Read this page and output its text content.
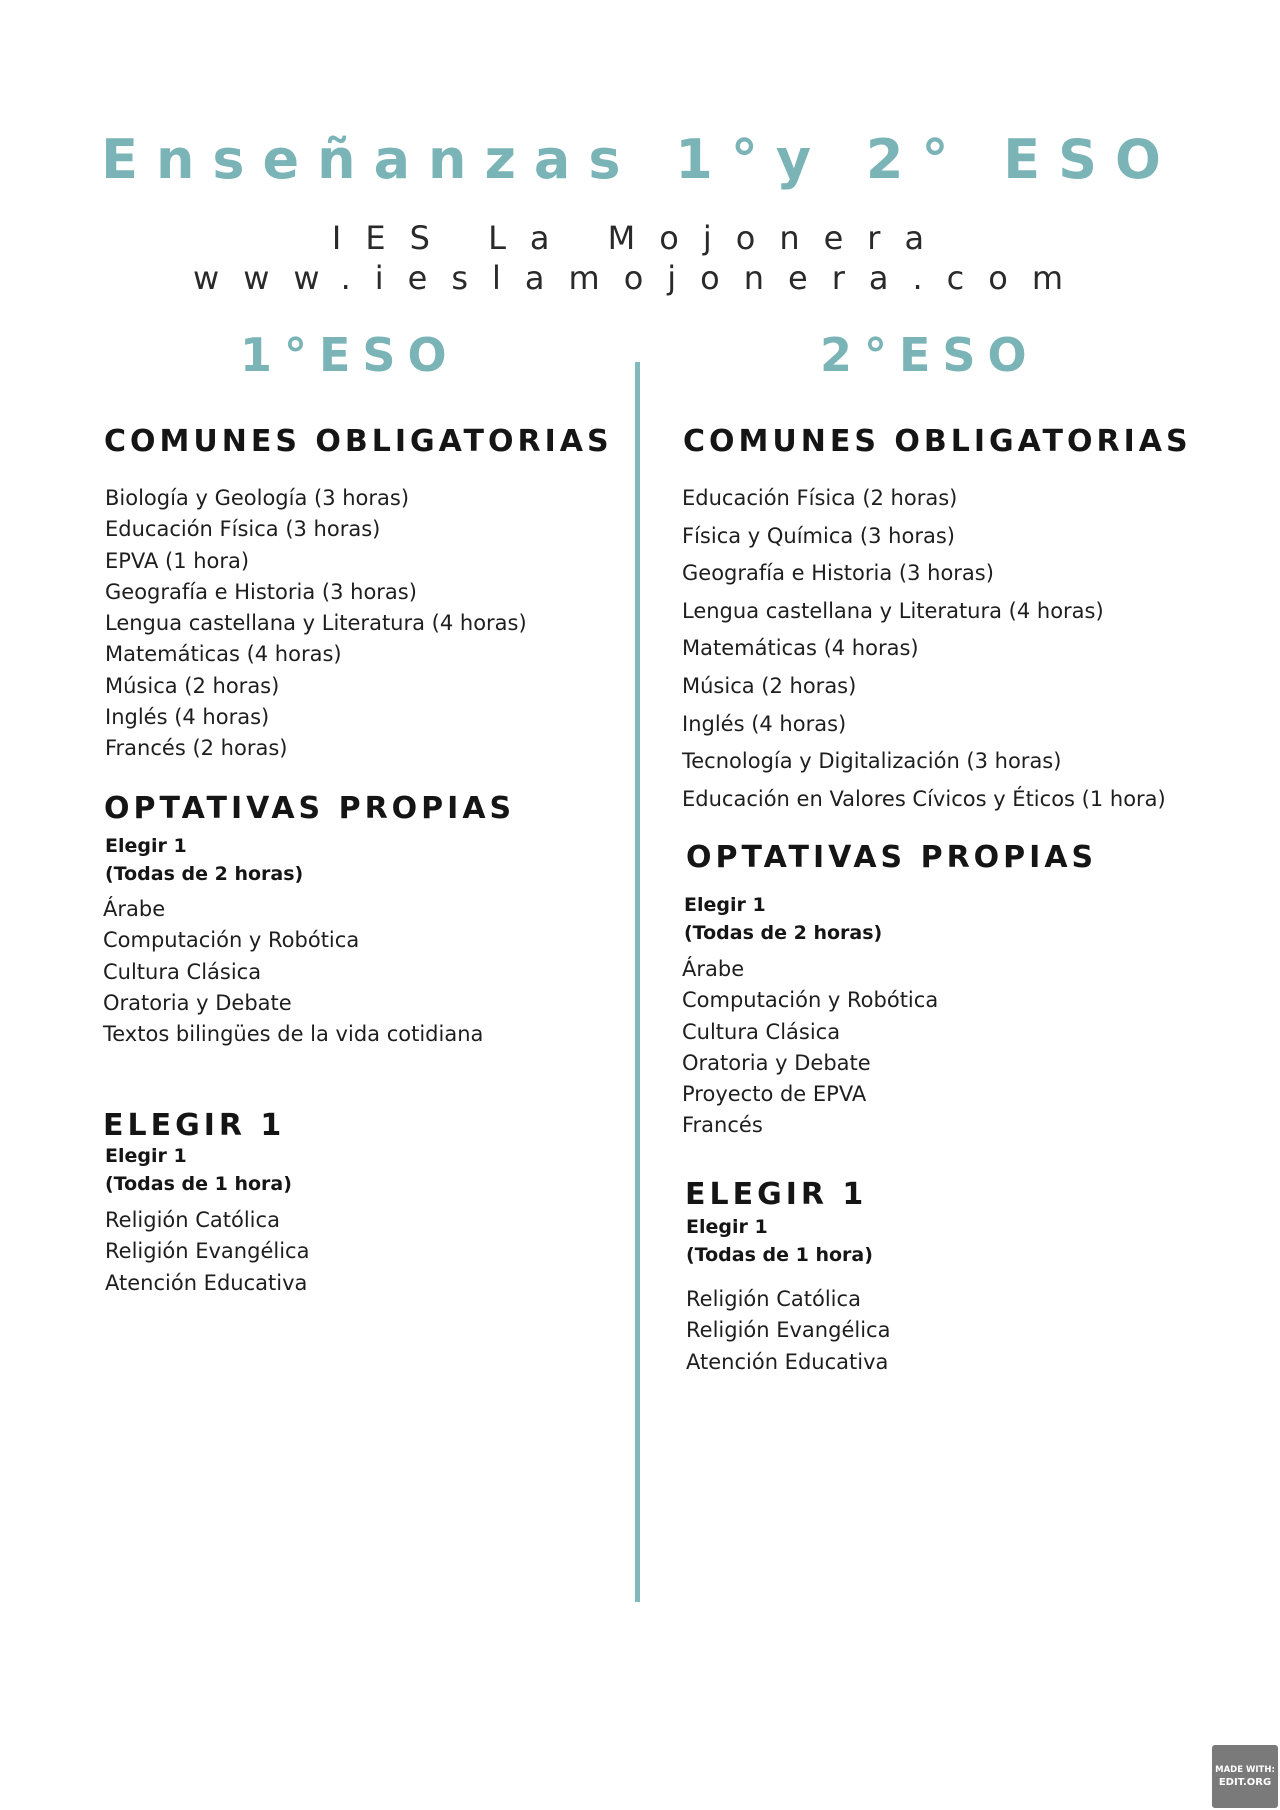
Enseñanzas 1°y 2° ESO
IES La Mojonera
www.ieslamojonera.com
1°ESO	2°ESO
COMUNES OBLIGATORIAS
Biología y Geología (3 horas)
Educación Física (3 horas)
EPVA (1 hora)
Geografía e Historia (3 horas)
Lengua castellana y Literatura (4 horas)
Matemáticas (4 horas)
Música (2 horas)
Inglés (4 horas)
Francés (2 horas)
OPTATIVAS PROPIAS
Elegir 1
(Todas de 2 horas)
Árabe
Computación y Robótica
Cultura Clásica
Oratoria y Debate
Textos bilingües de la vida cotidiana
ELEGIR 1
Elegir 1
(Todas de 1 hora)
Religión Católica
Religión Evangélica
Atención Educativa
COMUNES OBLIGATORIAS
Educación Física (2 horas)
Física y Química (3 horas)
Geografía e Historia (3 horas)
Lengua castellana y Literatura (4 horas)
Matemáticas (4 horas)
Música (2 horas)
Inglés (4 horas)
Tecnología y Digitalización (3 horas)
Educación en Valores Cívicos y Éticos (1 hora)
OPTATIVAS PROPIAS
Elegir 1
(Todas de 2 horas)
Árabe
Computación y Robótica
Cultura Clásica
Oratoria y Debate
Proyecto de EPVA
Francés
ELEGIR 1
Elegir 1
(Todas de 1 hora)
Religión Católica
Religión Evangélica
Atención Educativa
MADE WITH:
EDIT.ORG
